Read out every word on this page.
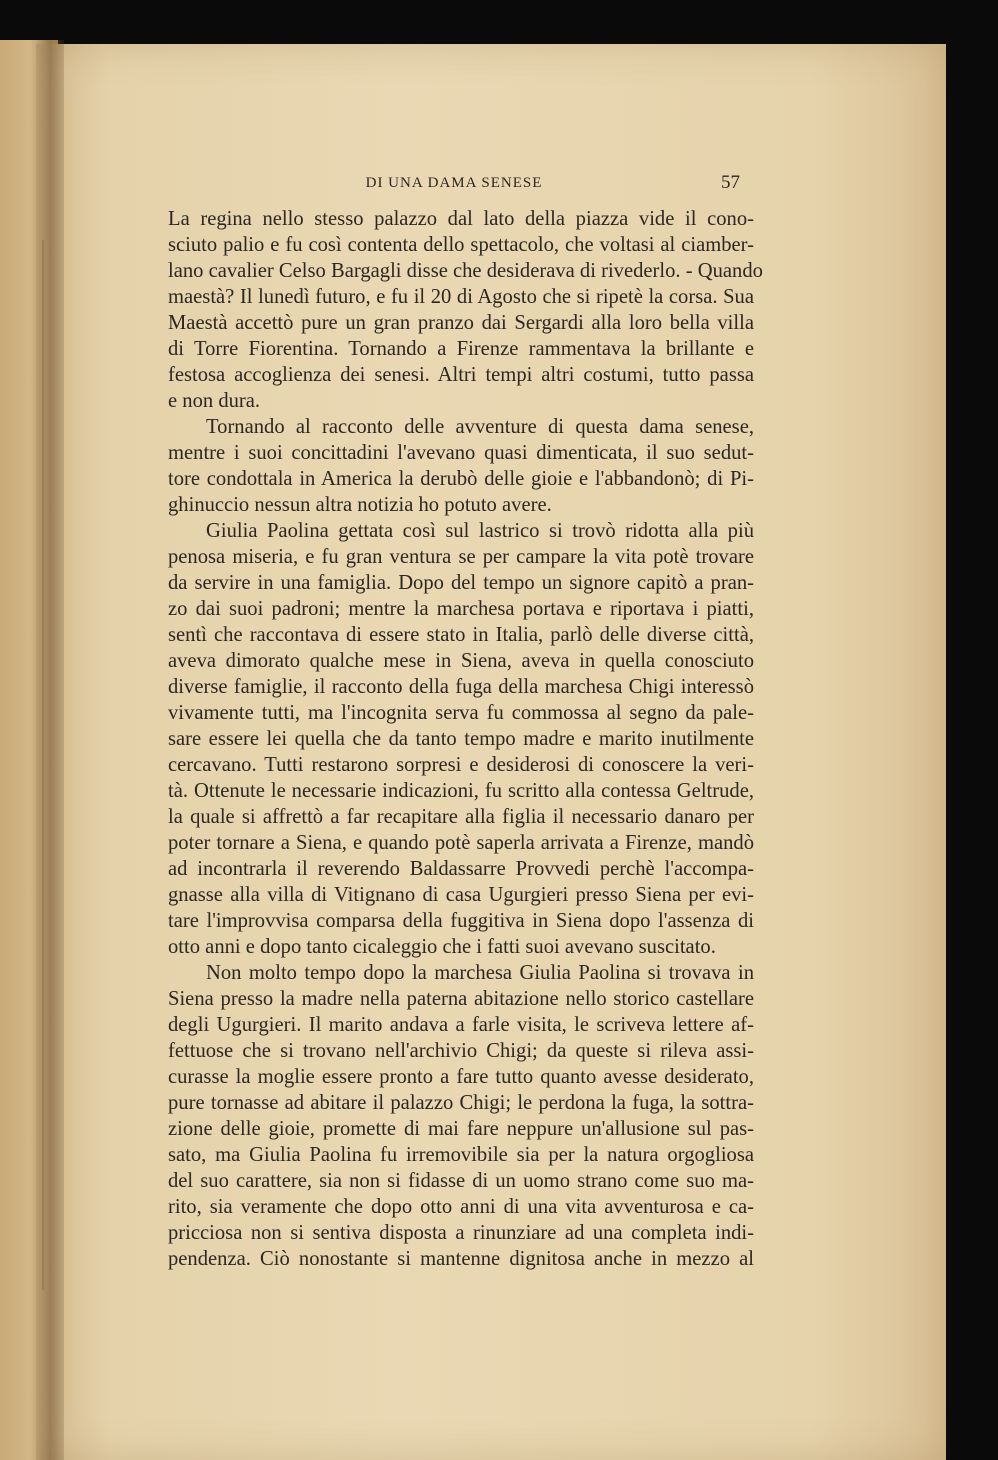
DI UNA DAMA SENESE	57
La regina nello stesso palazzo dal lato della piazza vide il cono-
sciuto palio e fu così contenta dello spettacolo, che voltasi al ciamber-
lano cavalier Celso Bargagli disse che desiderava di rivederlo. - Quando
maestà? Il lunedì futuro, e fu il 20 di Agosto che si ripetè la corsa. Sua
Maestà accettò pure un gran pranzo dai Sergardi alla loro bella villa
di Torre Fiorentina. Tornando a Firenze rammentava la brillante e
festosa accoglienza dei senesi. Altri tempi altri costumi, tutto passa
e non dura.
Tornando al racconto delle avventure di questa dama senese,
mentre i suoi concittadini l'avevano quasi dimenticata, il suo sedut-
tore condottala in America la derubò delle gioie e l'abbandonò; di Pi-
ghinuccio nessun altra notizia ho potuto avere.
Giulia Paolina gettata così sul lastrico si trovò ridotta alla più
penosa miseria, e fu gran ventura se per campare la vita potè trovare
da servire in una famiglia. Dopo del tempo un signore capitò a pran-
zo dai suoi padroni; mentre la marchesa portava e riportava i piatti,
sentì che raccontava di essere stato in Italia, parlò delle diverse città,
aveva dimorato qualche mese in Siena, aveva in quella conosciuto
diverse famiglie, il racconto della fuga della marchesa Chigi interessò
vivamente tutti, ma l'incognita serva fu commossa al segno da pale-
sare essere lei quella che da tanto tempo madre e marito inutilmente
cercavano. Tutti restarono sorpresi e desiderosi di conoscere la veri-
tà. Ottenute le necessarie indicazioni, fu scritto alla contessa Geltrude,
la quale si affrettò a far recapitare alla figlia il necessario danaro per
poter tornare a Siena, e quando potè saperla arrivata a Firenze, mandò
ad incontrarla il reverendo Baldassarre Provvedi perchè l'accompa-
gnasse alla villa di Vitignano di casa Ugurgieri presso Siena per evi-
tare l'improvvisa comparsa della fuggitiva in Siena dopo l'assenza di
otto anni e dopo tanto cicaleggio che i fatti suoi avevano suscitato.
Non molto tempo dopo la marchesa Giulia Paolina si trovava in
Siena presso la madre nella paterna abitazione nello storico castellare
degli Ugurgieri. Il marito andava a farle visita, le scriveva lettere af-
fettuose che si trovano nell'archivio Chigi; da queste si rileva assi-
curasse la moglie essere pronto a fare tutto quanto avesse desiderato,
pure tornasse ad abitare il palazzo Chigi; le perdona la fuga, la sottra-
zione delle gioie, promette di mai fare neppure un'allusione sul pas-
sato, ma Giulia Paolina fu irremovibile sia per la natura orgogliosa
del suo carattere, sia non si fidasse di un uomo strano come suo ma-
rito, sia veramente che dopo otto anni di una vita avventurosa e ca-
pricciosa non si sentiva disposta a rinunziare ad una completa indi-
pendenza. Ciò nonostante si mantenne dignitosa anche in mezzo al
